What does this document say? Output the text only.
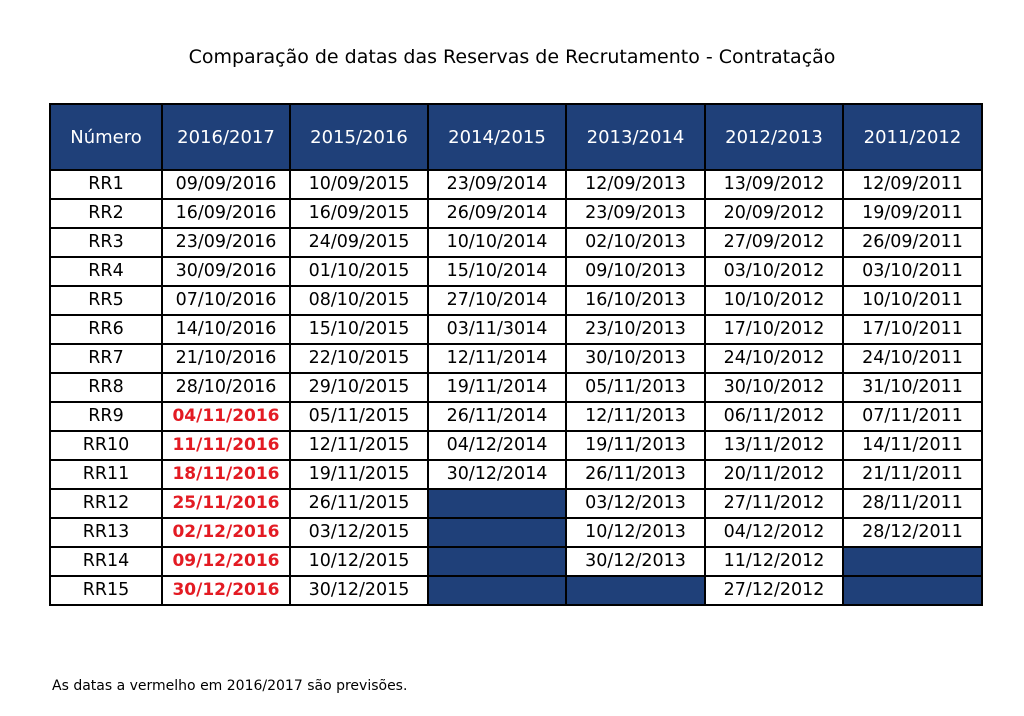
Comparação de datas das Reservas de Recrutamento - Contratação
Número	2016/2017	2015/2016	2014/2015	2013/2014	2012/2013	2011/2012
RR1	09/09/2016	10/09/2015	23/09/2014	12/09/2013	13/09/2012	12/09/2011
RR2	16/09/2016	16/09/2015	26/09/2014	23/09/2013	20/09/2012	19/09/2011
RR3	23/09/2016	24/09/2015	10/10/2014	02/10/2013	27/09/2012	26/09/2011
RR4	30/09/2016	01/10/2015	15/10/2014	09/10/2013	03/10/2012	03/10/2011
RR5	07/10/2016	08/10/2015	27/10/2014	16/10/2013	10/10/2012	10/10/2011
RR6	14/10/2016	15/10/2015	03/11/3014	23/10/2013	17/10/2012	17/10/2011
RR7	21/10/2016	22/10/2015	12/11/2014	30/10/2013	24/10/2012	24/10/2011
RR8	28/10/2016	29/10/2015	19/11/2014	05/11/2013	30/10/2012	31/10/2011
RR9	04/11/2016	05/11/2015	26/11/2014	12/11/2013	06/11/2012	07/11/2011
RR10	11/11/2016	12/11/2015	04/12/2014	19/11/2013	13/11/2012	14/11/2011
RR11	18/11/2016	19/11/2015	30/12/2014	26/11/2013	20/11/2012	21/11/2011
RR12	25/11/2016	26/11/2015		03/12/2013	27/11/2012	28/11/2011
RR13	02/12/2016	03/12/2015		10/12/2013	04/12/2012	28/12/2011
RR14	09/12/2016	10/12/2015		30/12/2013	11/12/2012	
RR15	30/12/2016	30/12/2015			27/12/2012	
As datas a vermelho em 2016/2017 são previsões.
